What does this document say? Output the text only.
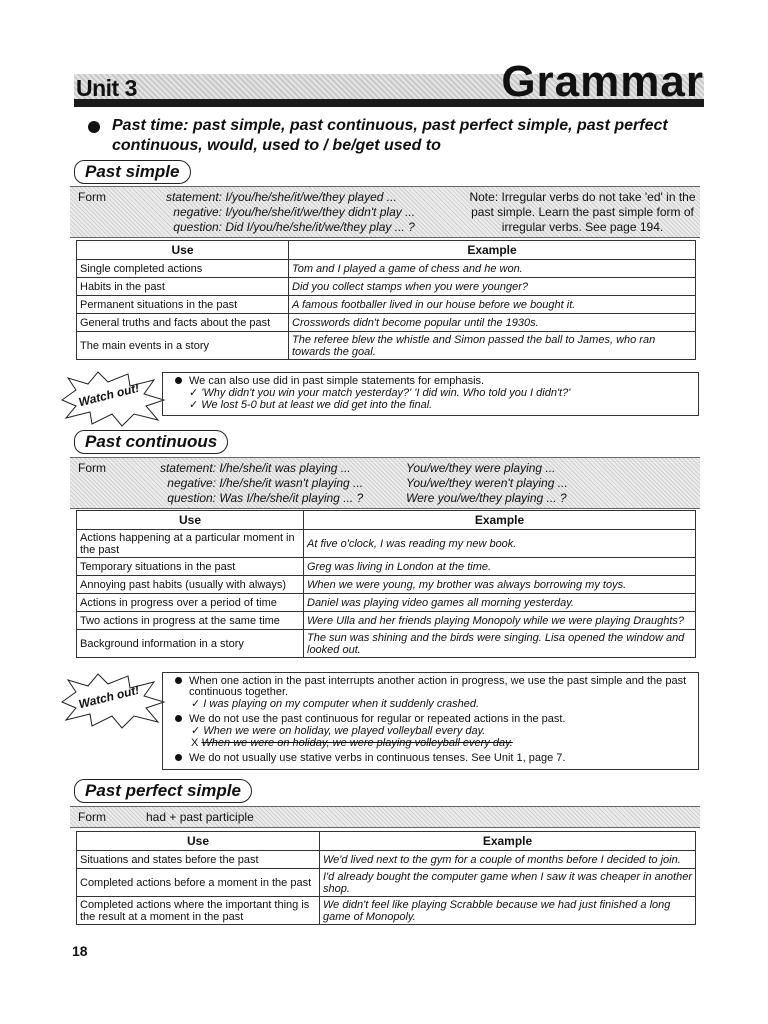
Unit 3	Grammar
Past time: past simple, past continuous, past perfect simple, past perfect continuous, would, used to / be/get used to
Past simple
Form	statement: I/you/he/she/it/we/they played ...
negative: I/you/he/she/it/we/they didn't play ...
question: Did I/you/he/she/it/we/they play ... ?
Note: Irregular verbs do not take 'ed' in the
past simple. Learn the past simple form of
irregular verbs. See page 194.
Use	Example
Single completed actions	Tom and I played a game of chess and he won.
Habits in the past	Did you collect stamps when you were younger?
Permanent situations in the past	A famous footballer lived in our house before we bought it.
General truths and facts about the past	Crosswords didn't become popular until the 1930s.
The main events in a story	The referee blew the whistle and Simon passed the ball to James, who ran towards the goal.
Watch out!	We can also use did in past simple statements for emphasis.
✓ 'Why didn't you win your match yesterday?' 'I did win. Who told you I didn't?'
✓ We lost 5-0 but at least we did get into the final.
Past continuous
Form	statement: I/he/she/it was playing ...
negative: I/he/she/it wasn't playing ...
question: Was I/he/she/it playing ... ?
You/we/they were playing ...
You/we/they weren't playing ...
Were you/we/they playing ... ?
Use	Example
Actions happening at a particular moment in the past	At five o'clock, I was reading my new book.
Temporary situations in the past	Greg was living in London at the time.
Annoying past habits (usually with always)	When we were young, my brother was always borrowing my toys.
Actions in progress over a period of time	Daniel was playing video games all morning yesterday.
Two actions in progress at the same time	Were Ulla and her friends playing Monopoly while we were playing Draughts?
Background information in a story	The sun was shining and the birds were singing. Lisa opened the window and looked out.
Watch out!
When one action in the past interrupts another action in progress, we use the past simple and the past
continuous together.
✓ I was playing on my computer when it suddenly crashed.
We do not use the past continuous for regular or repeated actions in the past.
✓ When we were on holiday, we played volleyball every day.
X When we were on holiday, we were playing volleyball every day.
We do not usually use stative verbs in continuous tenses. See Unit 1, page 7.
Past perfect simple
Form	had + past participle
Use	Example
Situations and states before the past	We'd lived next to the gym for a couple of months before I decided to join.
Completed actions before a moment in the past	I'd already bought the computer game when I saw it was cheaper in another shop.
Completed actions where the important thing is the result at a moment in the past	We didn't feel like playing Scrabble because we had just finished a long game of Monopoly.
18
